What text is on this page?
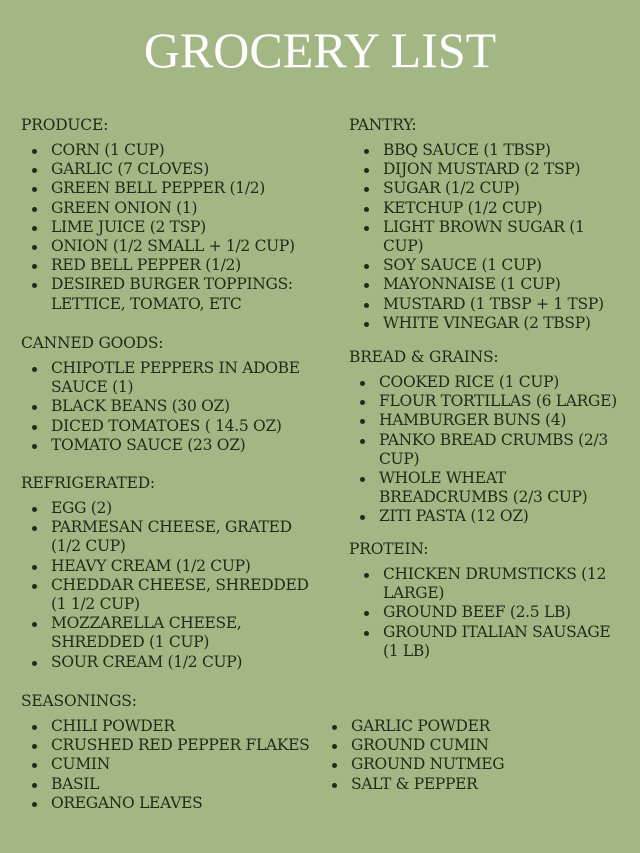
GROCERY LIST
PRODUCE:
CORN (1 CUP)
GARLIC (7 CLOVES)
GREEN BELL PEPPER (1/2)
GREEN ONION (1)
LIME JUICE (2 TSP)
ONION (1/2 SMALL + 1/2 CUP)
RED BELL PEPPER (1/2)
DESIRED BURGER TOPPINGS: LETTICE, TOMATO, ETC
CANNED GOODS:
CHIPOTLE PEPPERS IN ADOBE SAUCE (1)
BLACK BEANS (30 OZ)
DICED TOMATOES ( 14.5 OZ)
TOMATO SAUCE (23 OZ)
REFRIGERATED:
EGG (2)
PARMESAN CHEESE, GRATED (1/2 CUP)
HEAVY CREAM (1/2 CUP)
CHEDDAR CHEESE, SHREDDED (1 1/2 CUP)
MOZZARELLA CHEESE, SHREDDED (1 CUP)
SOUR CREAM (1/2 CUP)
PANTRY:
BBQ SAUCE (1 TBSP)
DIJON MUSTARD (2 TSP)
SUGAR (1/2 CUP)
KETCHUP (1/2 CUP)
LIGHT BROWN SUGAR (1 CUP)
SOY SAUCE (1 CUP)
MAYONNAISE (1 CUP)
MUSTARD (1 TBSP + 1 TSP)
WHITE VINEGAR (2 TBSP)
BREAD & GRAINS:
COOKED RICE (1 CUP)
FLOUR TORTILLAS (6 LARGE)
HAMBURGER BUNS (4)
PANKO BREAD CRUMBS (2/3 CUP)
WHOLE WHEAT BREADCRUMBS (2/3 CUP)
ZITI PASTA (12 OZ)
PROTEIN:
CHICKEN DRUMSTICKS (12 LARGE)
GROUND BEEF (2.5 LB)
GROUND ITALIAN SAUSAGE (1 LB)
SEASONINGS:
CHILI POWDER
CRUSHED RED PEPPER FLAKES
CUMIN
BASIL
OREGANO LEAVES
GARLIC POWDER
GROUND CUMIN
GROUND NUTMEG
SALT & PEPPER
